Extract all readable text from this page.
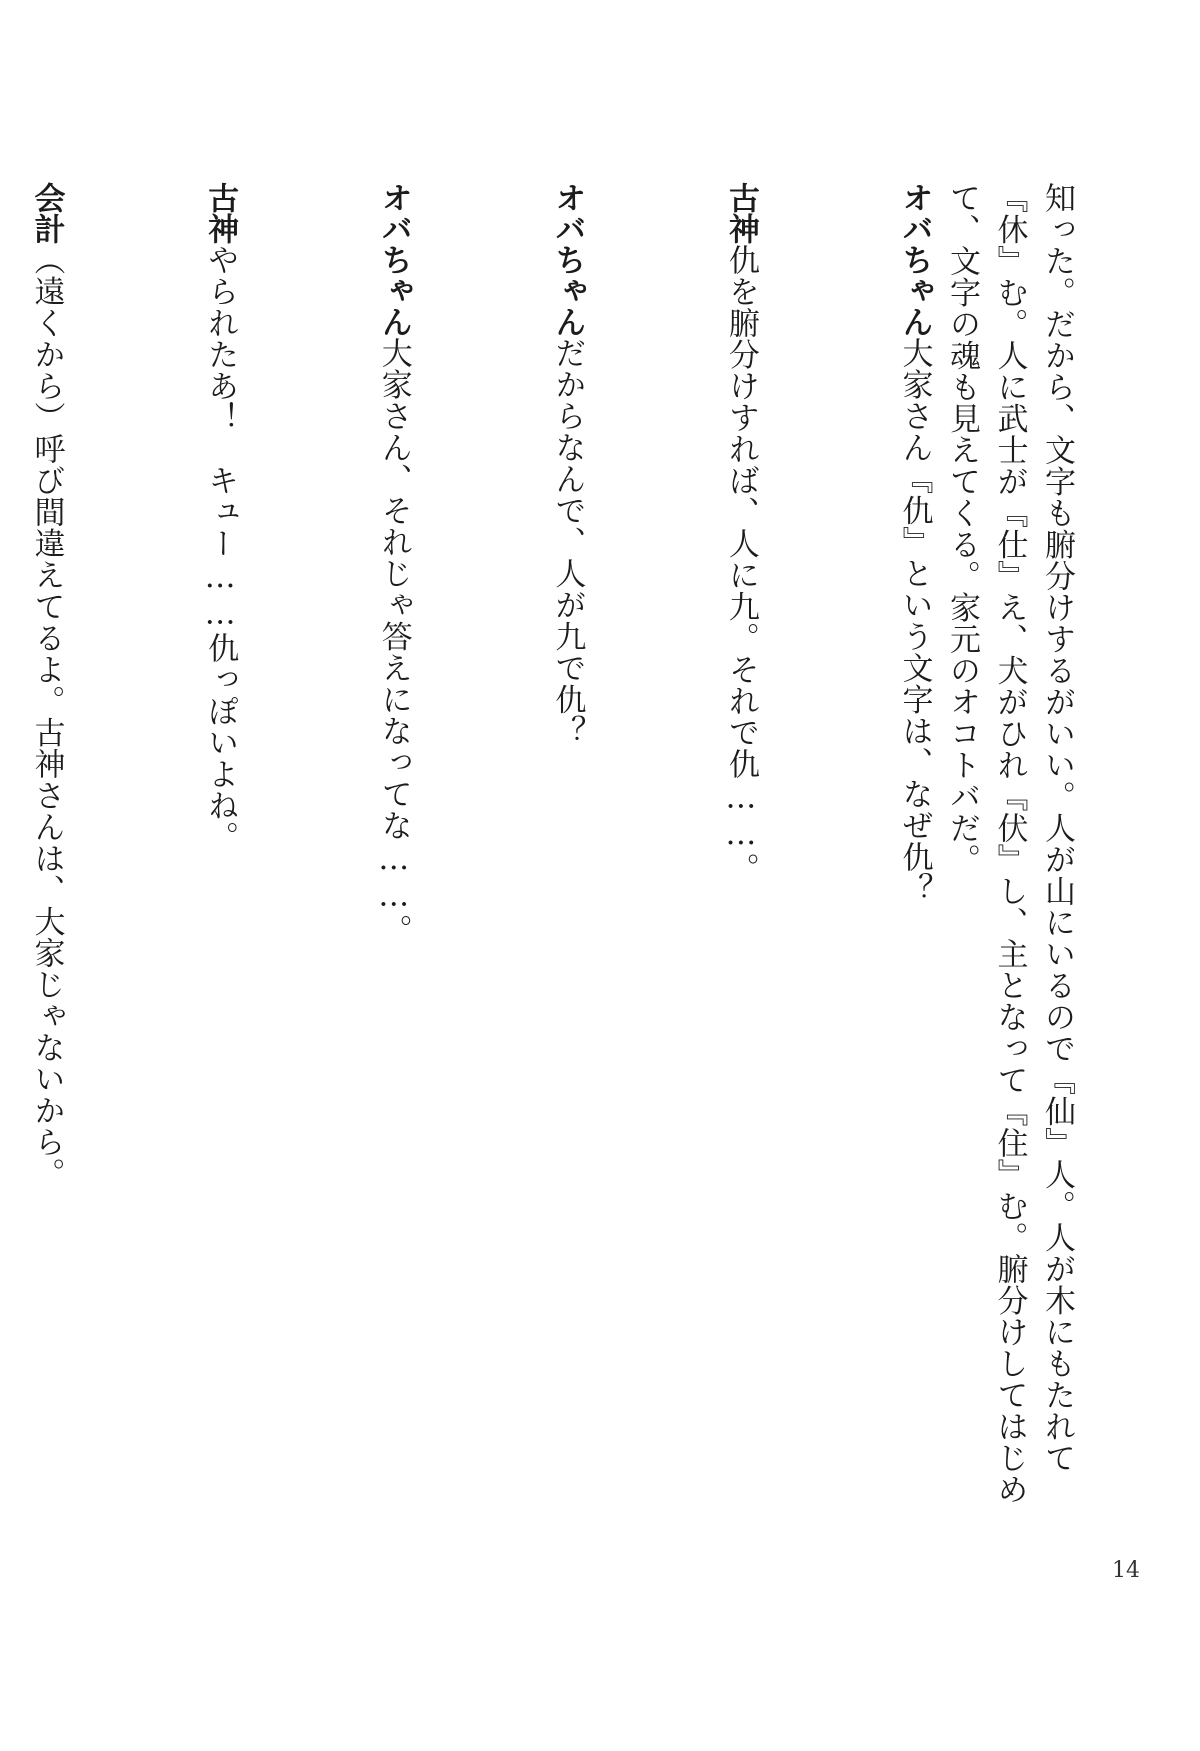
知った。だから、文字も腑分けするがいい。人が山にいるので『仙』人。人が木にもたれて
『休』む。人に武士が『仕』え、犬がひれ『伏』し、主となって『住』む。腑分けしてはじめ
て、文字の魂も見えてくる。家元のオコトバだ。
オバちゃん大家さん『仇』という文字は、なぜ仇？
古神仇を腑分けすれば、人に九。それで仇……。
オバちゃんだからなんで、人が九で仇？
オバちゃん大家さん、それじゃ答えになってな……。
古神やられたあ！　キュー……仇っぽいよね。
会計（遠くから）呼び間違えてるよ。古神さんは、大家じゃないから。
14
